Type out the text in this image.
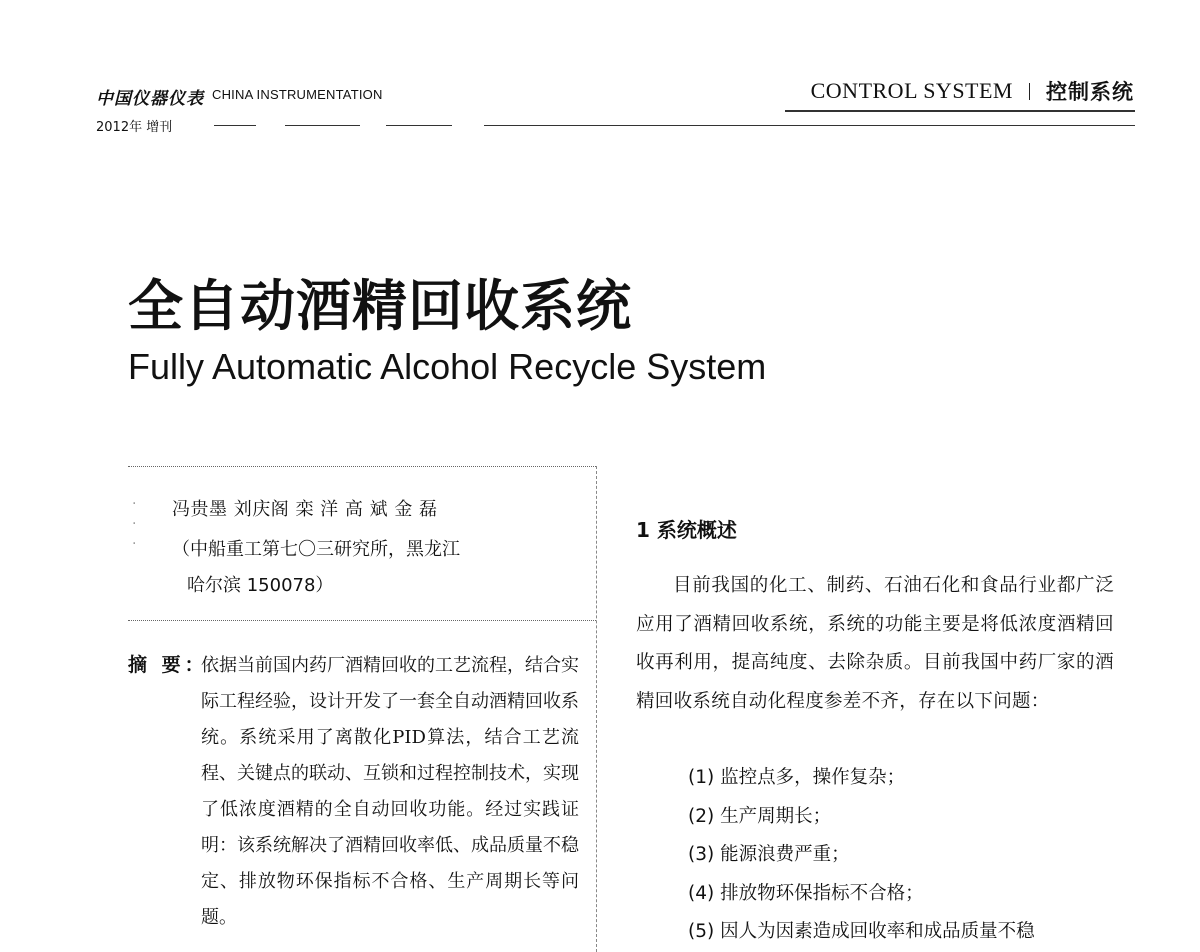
中国仪器仪表 CHINA INSTRUMENTATION
2012年 增刊
CONTROL SYSTEM 控制系统
全自动酒精回收系统
Fully Automatic Alcohol Recycle System
·
·
·
冯贵墨 刘庆阁 栾 洋 高 斌 金 磊
（中船重工第七〇三研究所，黑龙江
哈尔滨 150078）
摘 要：
依据当前国内药厂酒精回收的工艺流程，结合实际工程经验，设计开发了一套全自动酒精回收系统。系统采用了离散化PID算法，结合工艺流程、关键点的联动、互锁和过程控制技术，实现了低浓度酒精的全自动回收功能。经过实践证明：该系统解决了酒精回收率低、成品质量不稳定、排放物环保指标不合格、生产周期长等问题。
1 系统概述
目前我国的化工、制药、石油石化和食品行业都广泛应用了酒精回收系统，系统的功能主要是将低浓度酒精回收再利用，提高纯度、去除杂质。目前我国中药厂家的酒精回收系统自动化程度参差不齐，存在以下问题：
(1) 监控点多，操作复杂；
(2) 生产周期长；
(3) 能源浪费严重；
(4) 排放物环保指标不合格；
(5) 因人为因素造成回收率和成品质量不稳
